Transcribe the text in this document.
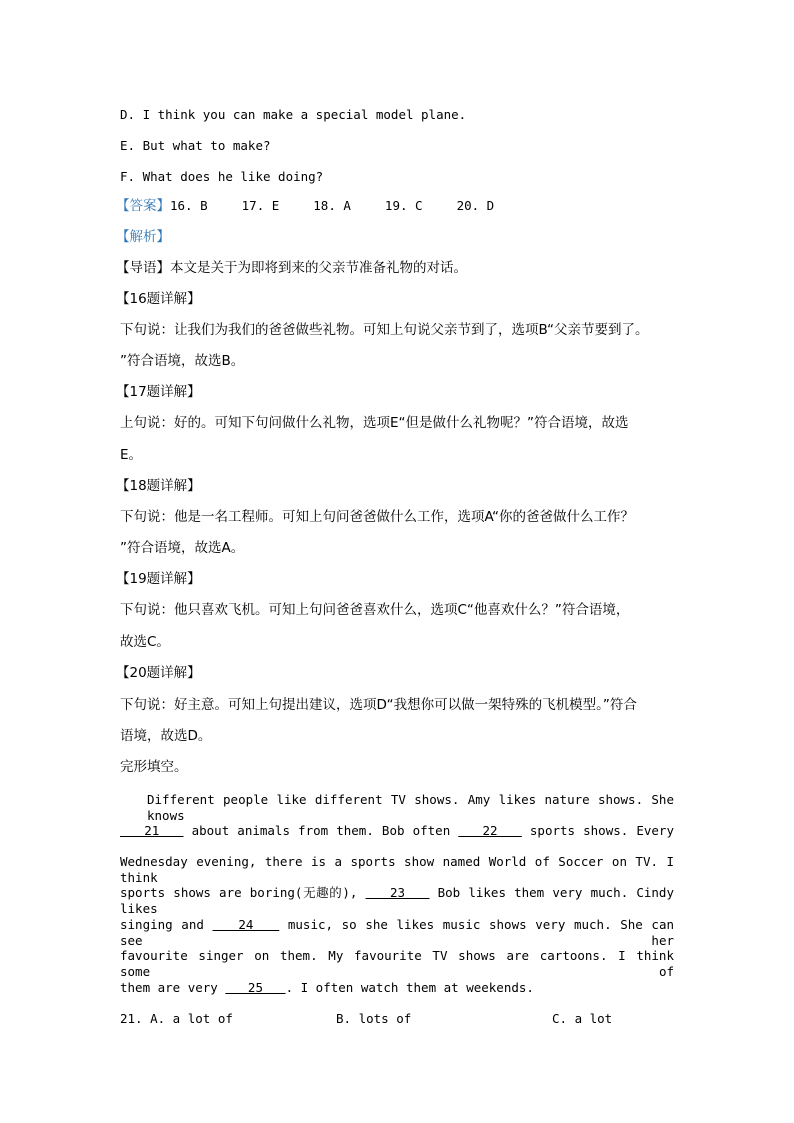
D. I think you can make a special model plane.
E. But what to make?
F. What does he like doing?
【答案】16. B	17. E	18. A	19. C	20. D
【解析】
【导语】本文是关于为即将到来的父亲节准备礼物的对话。
【16题详解】
下句说：让我们为我们的爸爸做些礼物。可知上句说父亲节到了，选项B“父亲节要到了。
”符合语境，故选B。
【17题详解】
上句说：好的。可知下句问做什么礼物，选项E“但是做什么礼物呢？”符合语境，故选
E。
【18题详解】
下句说：他是一名工程师。可知上句问爸爸做什么工作，选项A“你的爸爸做什么工作？
”符合语境，故选A。
【19题详解】
下句说：他只喜欢飞机。可知上句问爸爸喜欢什么，选项C“他喜欢什么？”符合语境，
故选C。
【20题详解】
下句说：好主意。可知上句提出建议，选项D“我想你可以做一架特殊的飞机模型。”符合
语境，故选D。
完形填空。
Different people like different TV shows. Amy likes nature shows. She knows
21    about animals from them. Bob often    22    sports shows. Every
Wednesday evening, there is a sports show named World of Soccer on TV. I think
sports shows are boring(无趣的),    23    Bob likes them very much. Cindy likes
singing and    24    music, so she likes music shows very much. She can see her
favourite singer on them. My favourite TV shows are cartoons. I think some of
them are very    25   . I often watch them at weekends.
21. A. a lot of	B. lots of	C. a lot
